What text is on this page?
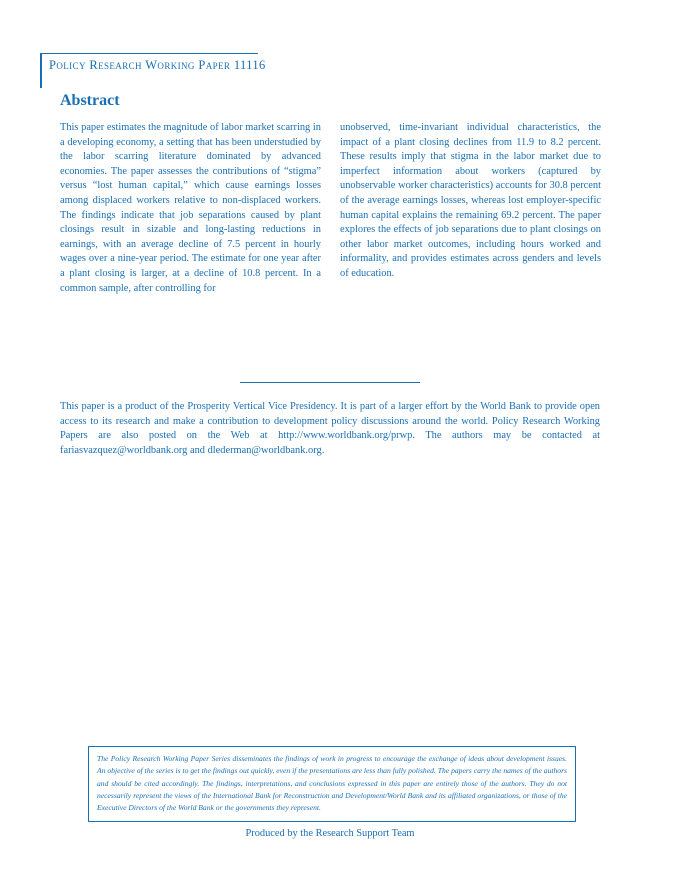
Policy Research Working Paper 11116
Abstract

This paper estimates the magnitude of labor market scarring in a developing economy, a setting that has been understudied by the labor scarring literature dominated by advanced economies. The paper assesses the contributions of “stigma” versus “lost human capital,” which cause earnings losses among displaced workers relative to non-displaced workers. The findings indicate that job separations caused by plant closings result in sizable and long-lasting reductions in earnings, with an average decline of 7.5 percent in hourly wages over a nine-year period. The estimate for one year after a plant closing is larger, at a decline of 10.8 percent. In a common sample, after controlling for

unobserved, time-invariant individual characteristics, the impact of a plant closing declines from 11.9 to 8.2 percent. These results imply that stigma in the labor market due to imperfect information about workers (captured by unobservable worker characteristics) accounts for 30.8 percent of the average earnings losses, whereas lost employer-specific human capital explains the remaining 69.2 percent. The paper explores the effects of job separations due to plant closings on other labor market outcomes, including hours worked and informality, and provides estimates across genders and levels of education.

This paper is a product of the Prosperity Vertical Vice Presidency. It is part of a larger effort by the World Bank to provide open access to its research and make a contribution to development policy discussions around the world. Policy Research Working Papers are also posted on the Web at http://www.worldbank.org/prwp. The authors may be contacted at fariasvazquez@worldbank.org and dlederman@worldbank.org.

The Policy Research Working Paper Series disseminates the findings of work in progress to encourage the exchange of ideas about development issues. An objective of the series is to get the findings out quickly, even if the presentations are less than fully polished. The papers carry the names of the authors and should be cited accordingly. The findings, interpretations, and conclusions expressed in this paper are entirely those of the authors. They do not necessarily represent the views of the International Bank for Reconstruction and Development/World Bank and its affiliated organizations, or those of the Executive Directors of the World Bank or the governments they represent.

Produced by the Research Support Team
